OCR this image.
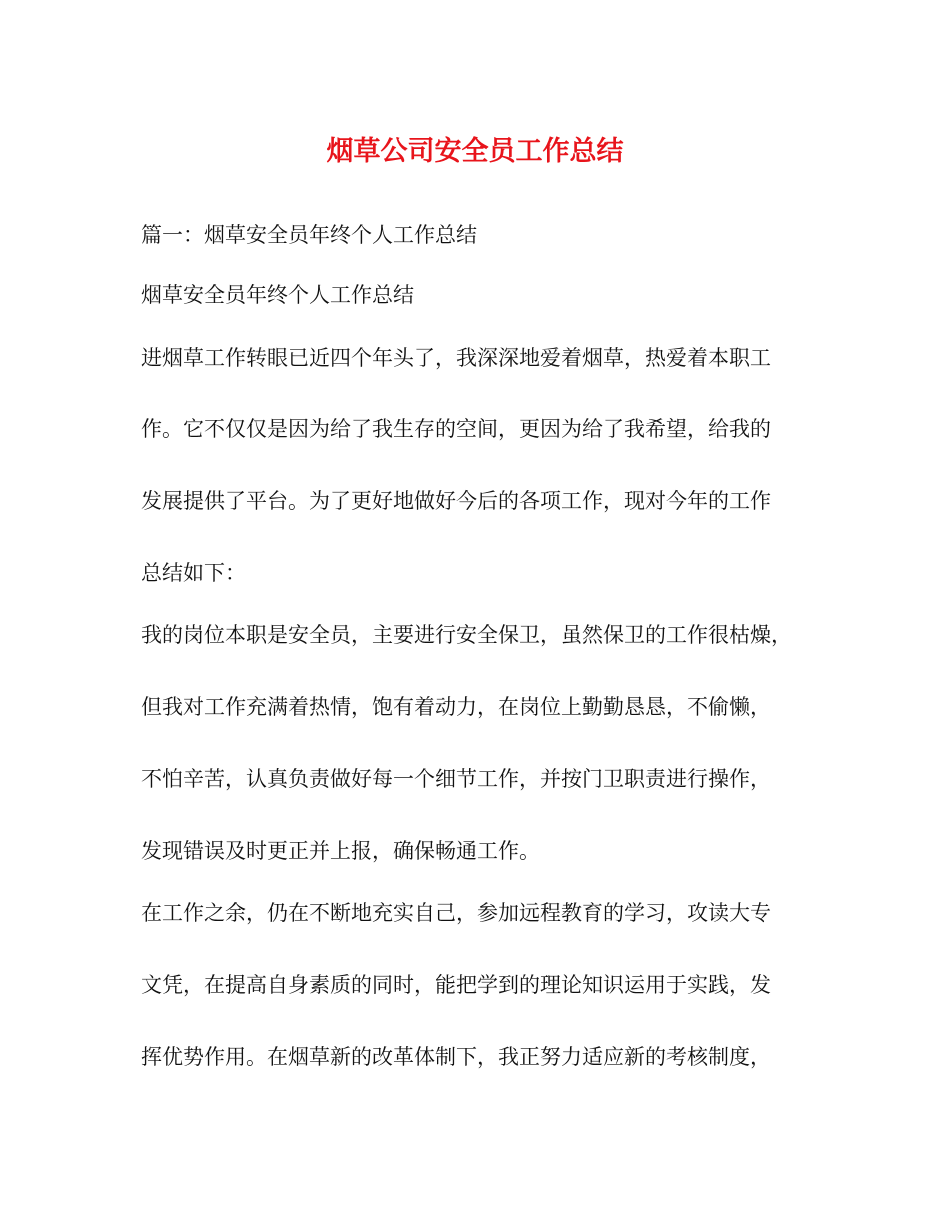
烟草公司安全员工作总结
篇一：烟草安全员年终个人工作总结
烟草安全员年终个人工作总结
进烟草工作转眼已近四个年头了，我深深地爱着烟草，热爱着本职工
作。它不仅仅是因为给了我生存的空间，更因为给了我希望，给我的
发展提供了平台。为了更好地做好今后的各项工作，现对今年的工作
总结如下：
我的岗位本职是安全员，主要进行安全保卫，虽然保卫的工作很枯燥，
但我对工作充满着热情，饱有着动力，在岗位上勤勤恳恳，不偷懒，
不怕辛苦，认真负责做好每一个细节工作，并按门卫职责进行操作，
发现错误及时更正并上报，确保畅通工作。
在工作之余，仍在不断地充实自己，参加远程教育的学习，攻读大专
文凭，在提高自身素质的同时，能把学到的理论知识运用于实践，发
挥优势作用。在烟草新的改革体制下，我正努力适应新的考核制度，
